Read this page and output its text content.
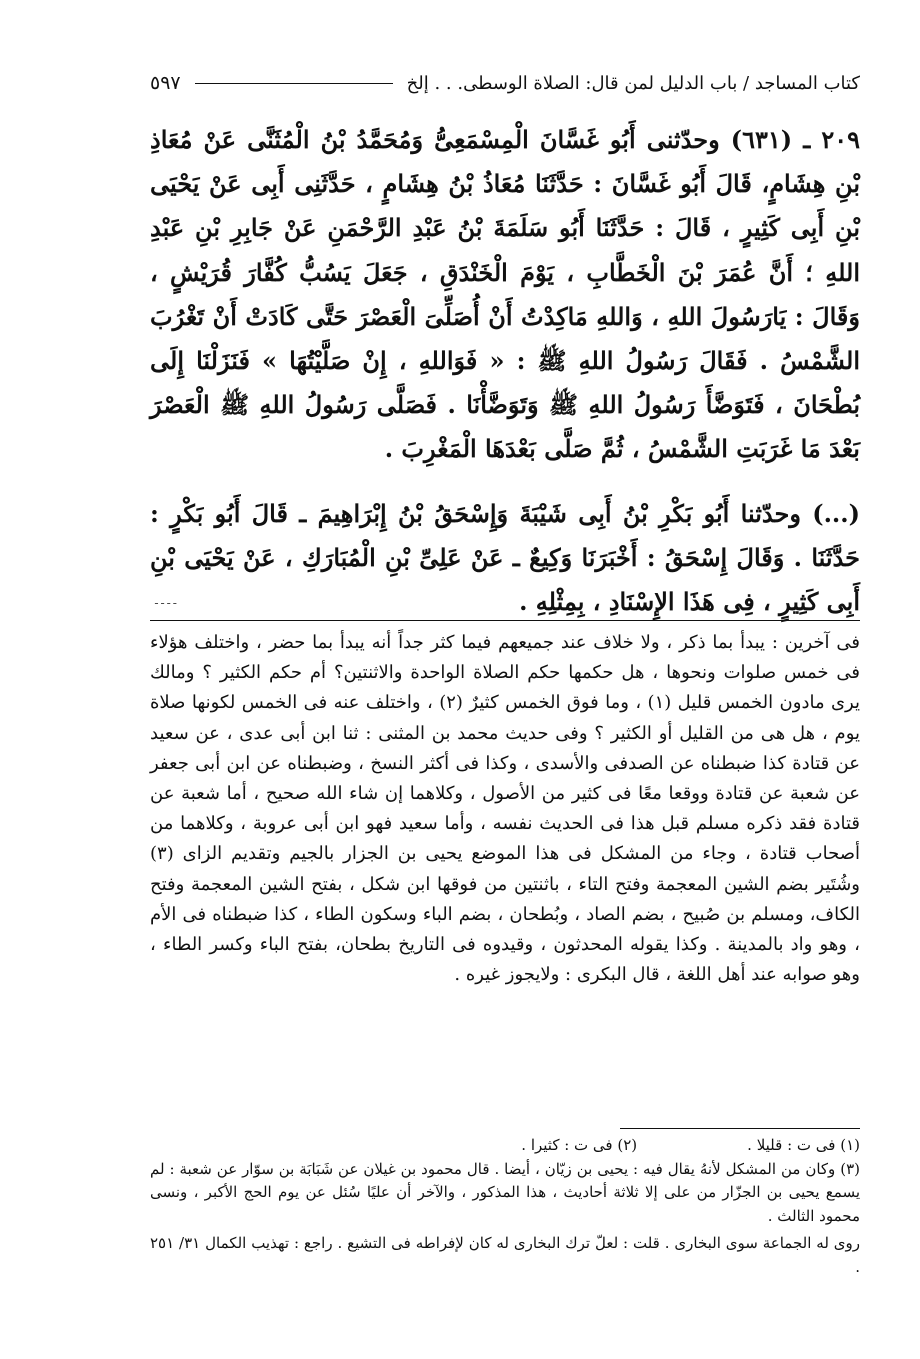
كتاب المساجد / باب الدليل لمن قال: الصلاة الوسطى. . . إلخ
٥٩٧

٢٠٩ ـ (٦٣١) وحدّثنى أَبُو غَسَّانَ الْمِسْمَعِىُّ وَمُحَمَّدُ بْنُ الْمُثَنَّى عَنْ مُعَاذِ بْنِ هِشَامٍ، قَالَ أَبُو غَسَّانَ : حَدَّثَنَا مُعَاذُ بْنُ هِشَامٍ ، حَدَّثَنِى أَبِى عَنْ يَحْيَى بْنِ أَبِى كَثِيرٍ ، قَالَ : حَدَّثَنَا أَبُو سَلَمَةَ بْنُ عَبْدِ الرَّحْمَنِ عَنْ جَابِرِ بْنِ عَبْدِ اللهِ ؛ أَنَّ عُمَرَ بْنَ الْخَطَّابِ ، يَوْمَ الْخَنْدَقِ ، جَعَلَ يَسُبُّ كُفَّارَ قُرَيْشٍ ، وَقَالَ : يَارَسُولَ اللهِ ، وَاللهِ مَاكِدْتُ أَنْ أُصَلِّىَ الْعَصْرَ حَتَّى كَادَتْ أَنْ تَغْرُبَ الشَّمْسُ . فَقَالَ رَسُولُ اللهِ ﷺ : « فَوَاللهِ ، إِنْ صَلَّيْتُهَا » فَنَزَلْنَا إِلَى بُطْحَانَ ، فَتَوَضَّأَ رَسُولُ اللهِ ﷺ وَتَوَضَّأْنَا . فَصَلَّى رَسُولُ اللهِ ﷺ الْعَصْرَ بَعْدَ مَا غَرَبَتِ الشَّمْسُ ، ثُمَّ صَلَّى بَعْدَهَا الْمَغْرِبَ .

(...) وحدّثنا أَبُو بَكْرِ بْنُ أَبِى شَيْبَةَ وَإِسْحَقُ بْنُ إِبْرَاهِيمَ ـ قَالَ أَبُو بَكْرٍ : حَدَّثَنَا . وَقَالَ إِسْحَقُ : أَخْبَرَنَا وَكِيعٌ ـ عَنْ عَلِىِّ بْنِ الْمُبَارَكِ ، عَنْ يَحْيَى بْنِ أَبِى كَثِيرٍ ، فِى هَذَا الإِسْنَادِ ، بِمِثْلِهِ .

ـ ـ ـ ـ

فى آخرين : يبدأ بما ذكر ، ولا خلاف عند جميعهم فيما كثر جداً أنه يبدأ بما حضر ، واختلف هؤلاء فى خمس صلوات ونحوها ، هل حكمها حكم الصلاة الواحدة والاثنتين؟ أم حكم الكثير ؟ ومالك يرى مادون الخمس قليل (١) ، وما فوق الخمس كثيرٌ (٢) ، واختلف عنه فى الخمس لكونها صلاة يوم ، هل هى من القليل أو الكثير ؟ وفى حديث محمد بن المثنى : ثنا ابن أبى عدى ، عن سعيد عن قتادة كذا ضبطناه عن الصدفى والأسدى ، وكذا فى أكثر النسخ ، وضبطناه عن ابن أبى جعفر عن شعبة عن قتادة ووقعا معًا فى كثير من الأصول ، وكلاهما إن شاء الله صحيح ، أما شعبة عن قتادة فقد ذكره مسلم قبل هذا فى الحديث نفسه ، وأما سعيد فهو ابن أبى عروبة ، وكلاهما من أصحاب قتادة ، وجاء من المشكل فى هذا الموضع يحيى بن الجزار بالجيم وتقديم الزاى (٣) وشُتَير بضم الشين المعجمة وفتح التاء ، باثنتين من فوقها ابن شكل ، بفتح الشين المعجمة وفتح الكاف، ومسلم بن صُبيح ، بضم الصاد ، وبُطحان ، بضم الباء وسكون الطاء ، كذا ضبطناه فى الأم ، وهو واد بالمدينة . وكذا يقوله المحدثون ، وقيدوه فى التاريخ بطحان، بفتح الباء وكسر الطاء ، وهو صوابه عند أهل اللغة ، قال البكرى : ولايجوز غيره .

(١) فى ت : قليلا .
(٢) فى ت : كثيرا .

(٣) وكان من المشكل لأنهُ يقال فيه : يحيى بن زيّان ، أيضا . قال محمود بن غيلان عن شَبَابَة بن سوّار عن شعبة : لم يسمع يحيى بن الجزّار من على إلا ثلاثة أحاديث ، هذا المذكور ، والآخر أن عليًا سُئل عن يوم الحج الأكبر ، ونسى محمود الثالث .

روى له الجماعة سوى البخارى . قلت : لعلّ ترك البخارى له كان لإفراطه فى التشيع . راجع : تهذيب الكمال ٣١/ ٢٥١ .
